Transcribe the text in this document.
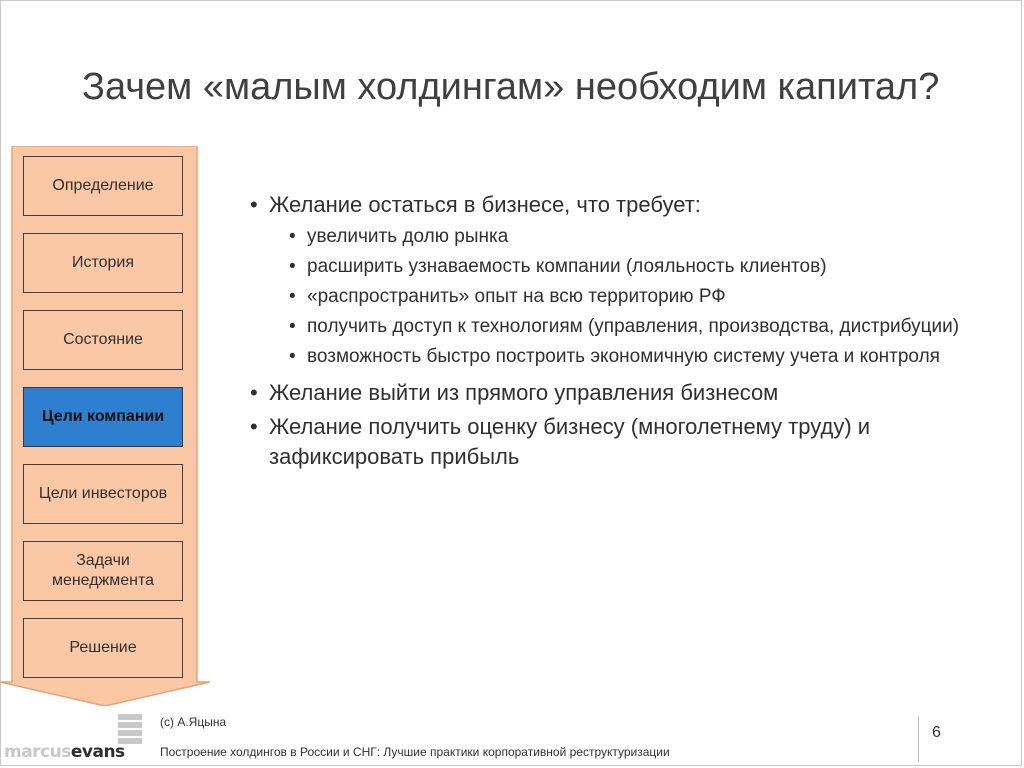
Зачем «малым холдингам» необходим капитал?
Определение
История
Состояние
Цели компании
Цели инвесторов
Задачи менеджмента
Решение
• Желание остаться в бизнесе, что требует:
• увеличить долю рынка
• расширить узнаваемость компании (лояльность клиентов)
• «распространить» опыт на всю территорию РФ
• получить доступ к технологиям (управления, производства, дистрибуции)
• возможность быстро построить экономичную систему учета и контроля
• Желание выйти из прямого управления бизнесом
• Желание получить оценку бизнесу (многолетнему труду) и зафиксировать прибыль
marcusevans
(с) А.Яцына
Построение холдингов в России и СНГ: Лучшие практики корпоративной реструктуризации
6
